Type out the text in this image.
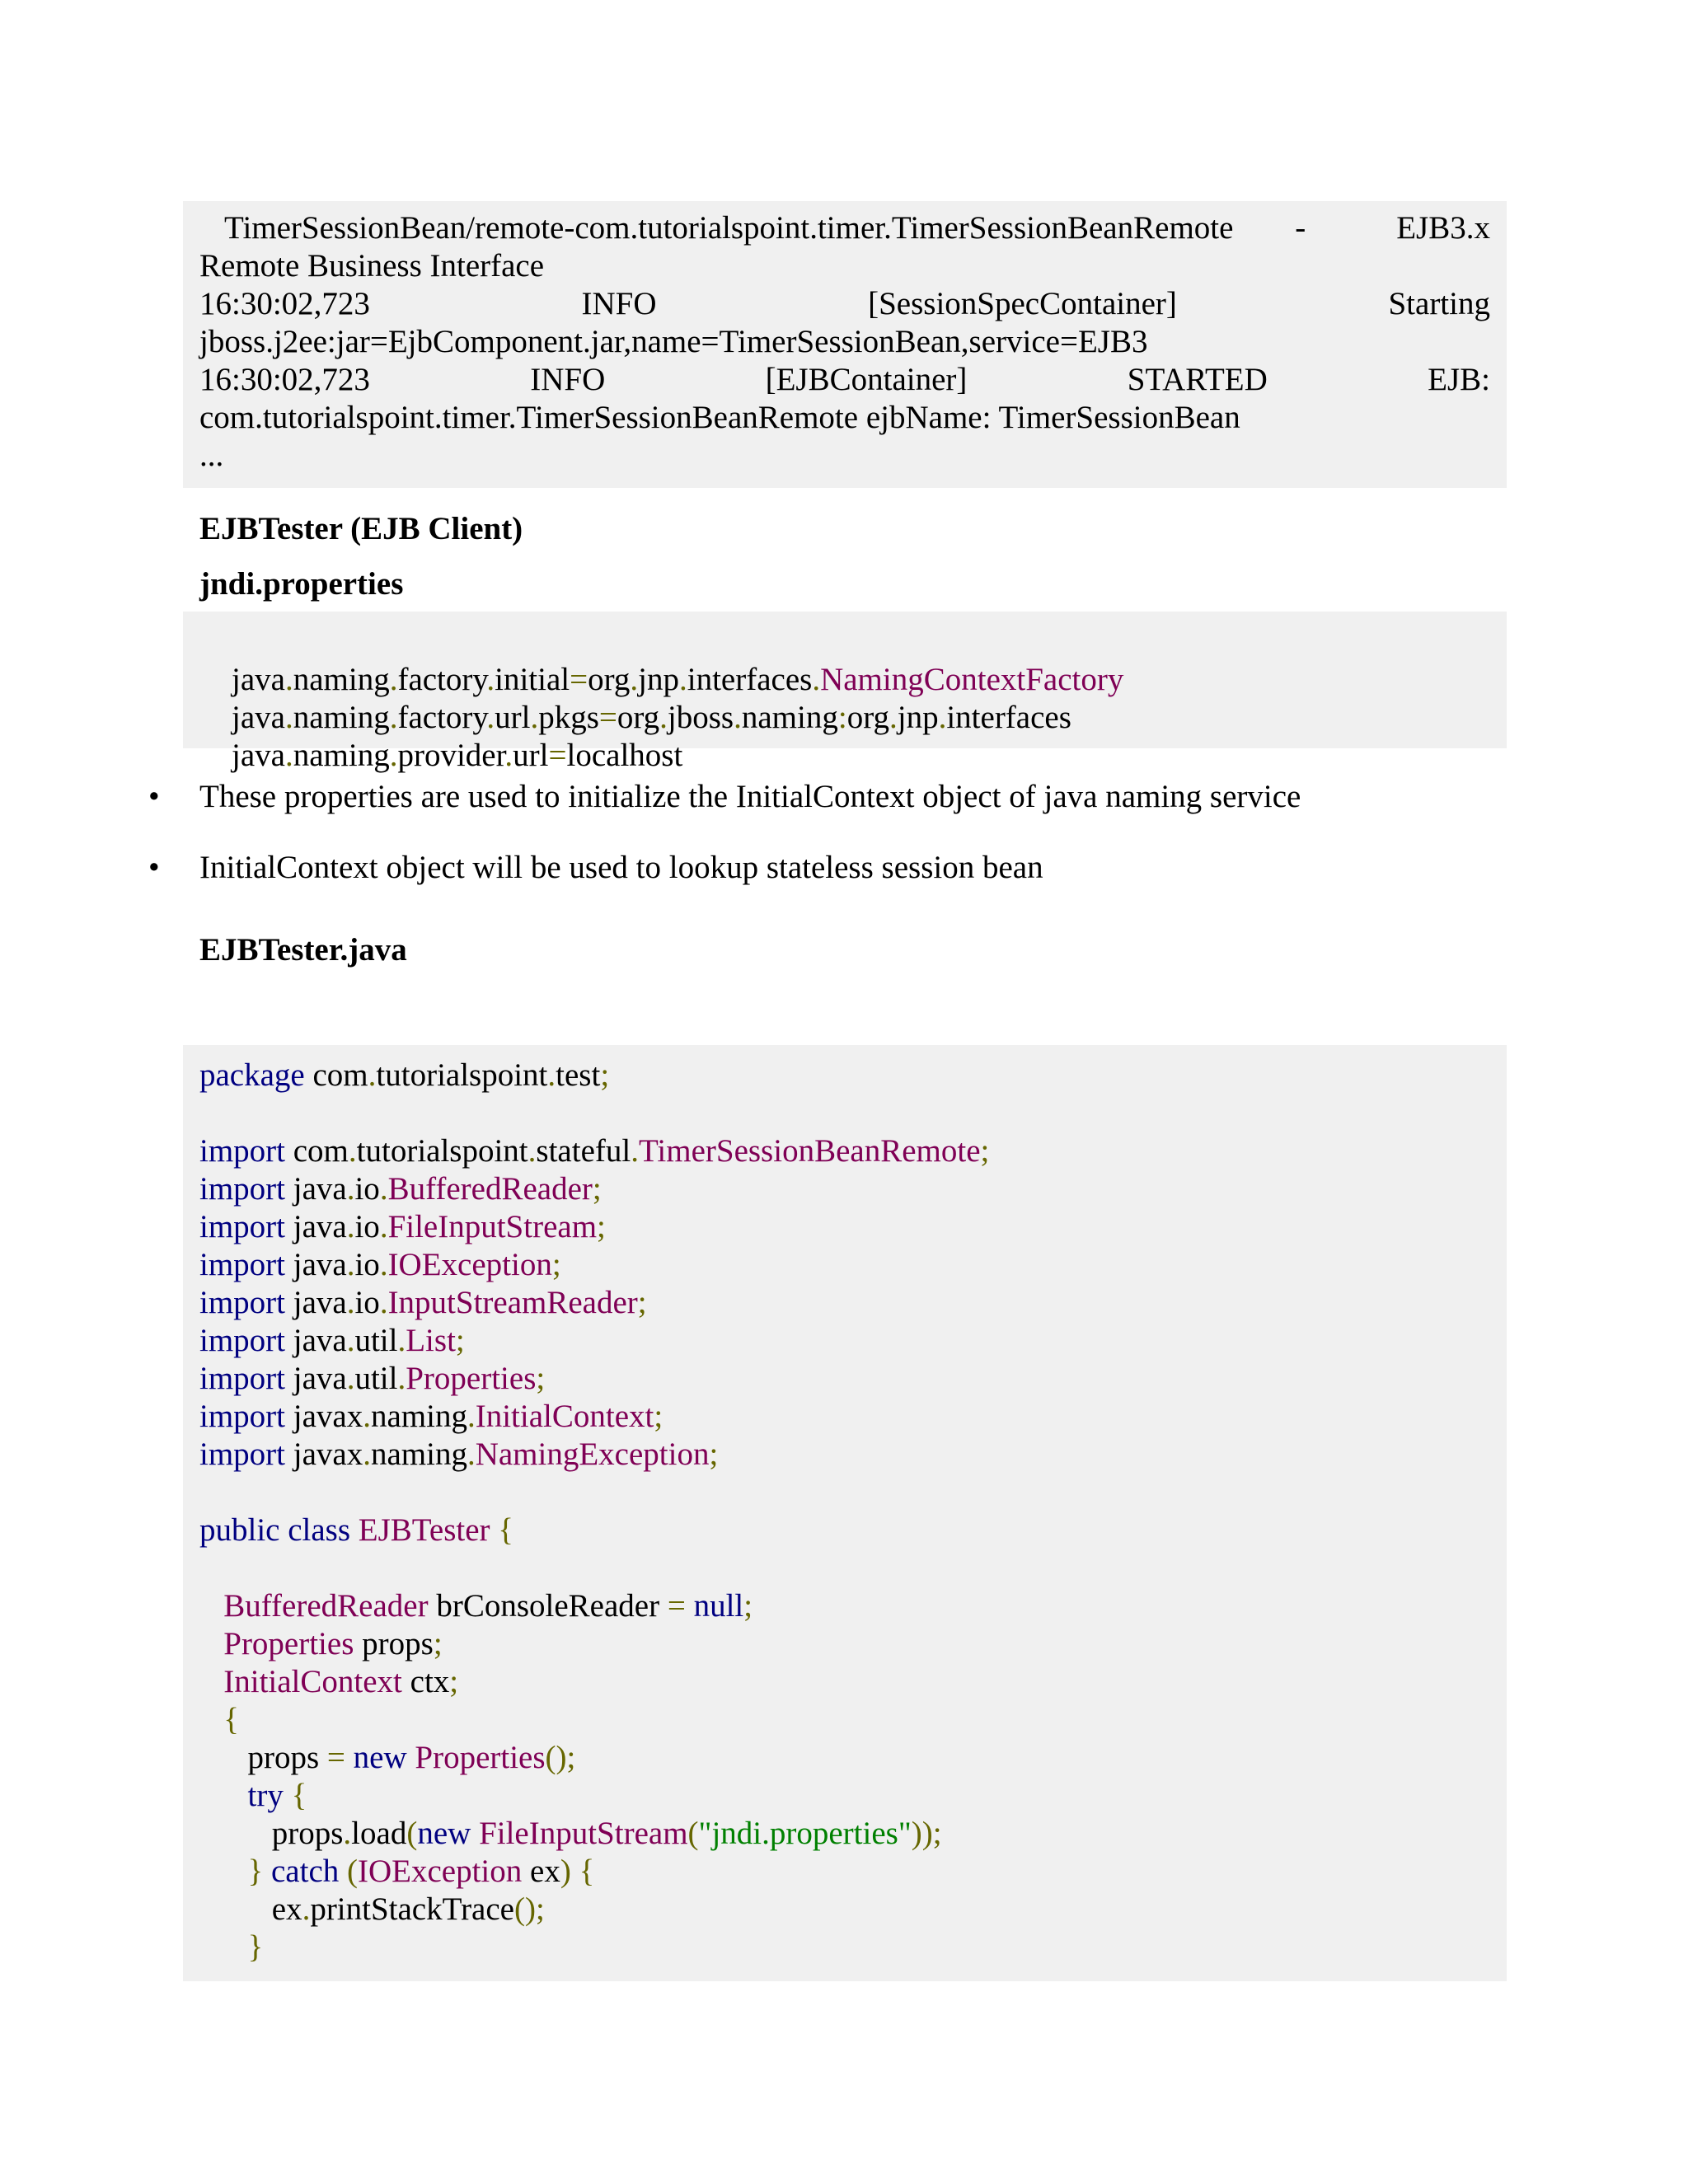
TimerSessionBean/remote-com.tutorialspoint.timer.TimerSessionBeanRemote -	EJB3.x
Remote Business Interface
16:30:02,723	INFO	[SessionSpecContainer]	Starting
jboss.j2ee:jar=EjbComponent.jar,name=TimerSessionBean,service=EJB3
16:30:02,723	INFO	[EJBContainer]	STARTED	EJB:
com.tutorialspoint.timer.TimerSessionBeanRemote ejbName: TimerSessionBean
...
EJBTester (EJB Client)
jndi.properties

java.naming.factory.initial=org.jnp.interfaces.NamingContextFactory

java.naming.factory.url.pkgs=org.jboss.naming:org.jnp.interfaces

java.naming.provider.url=localhost

• These properties are used to initialize the InitialContext object of java naming service
• InitialContext object will be used to lookup stateless session bean
EJBTester.java
package com.tutorialspoint.test;
import com.tutorialspoint.stateful.TimerSessionBeanRemote;
import java.io.BufferedReader;
import java.io.FileInputStream;
import java.io.IOException;
import java.io.InputStreamReader;
import java.util.List;
import java.util.Properties;
import javax.naming.InitialContext;
import javax.naming.NamingException;
public class EJBTester {
BufferedReader brConsoleReader = null;
Properties props;
InitialContext ctx;
{
props = new Properties();
try {
props.load(new FileInputStream("jndi.properties"));
} catch (IOException ex) {
ex.printStackTrace();
}
